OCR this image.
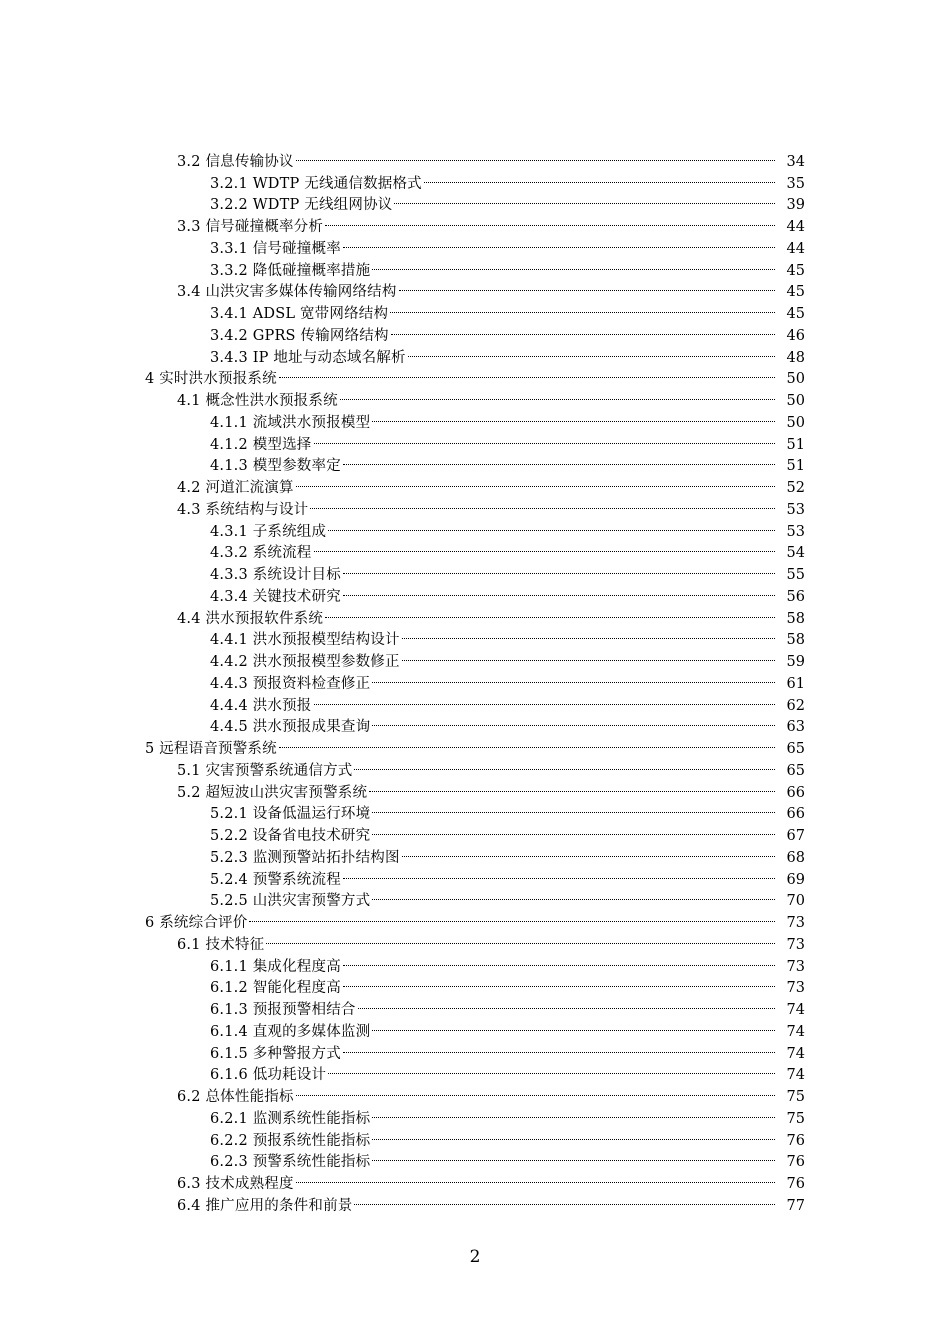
3.2 信息传输协议	34
3.2.1 WDTP 无线通信数据格式	35
3.2.2 WDTP 无线组网协议	39
3.3 信号碰撞概率分析	44
3.3.1 信号碰撞概率	44
3.3.2 降低碰撞概率措施	45
3.4 山洪灾害多媒体传输网络结构	45
3.4.1 ADSL 宽带网络结构	45
3.4.2 GPRS 传输网络结构	46
3.4.3 IP 地址与动态域名解析	48
4 实时洪水预报系统	50
4.1 概念性洪水预报系统	50
4.1.1 流域洪水预报模型	50
4.1.2 模型选择	51
4.1.3 模型参数率定	51
4.2 河道汇流演算	52
4.3 系统结构与设计	53
4.3.1 子系统组成	53
4.3.2 系统流程	54
4.3.3 系统设计目标	55
4.3.4 关键技术研究	56
4.4 洪水预报软件系统	58
4.4.1 洪水预报模型结构设计	58
4.4.2 洪水预报模型参数修正	59
4.4.3 预报资料检查修正	61
4.4.4 洪水预报	62
4.4.5 洪水预报成果查询	63
5 远程语音预警系统	65
5.1 灾害预警系统通信方式	65
5.2 超短波山洪灾害预警系统	66
5.2.1 设备低温运行环境	66
5.2.2 设备省电技术研究	67
5.2.3 监测预警站拓扑结构图	68
5.2.4 预警系统流程	69
5.2.5 山洪灾害预警方式	70
6 系统综合评价	73
6.1 技术特征	73
6.1.1 集成化程度高	73
6.1.2 智能化程度高	73
6.1.3 预报预警相结合	74
6.1.4 直观的多媒体监测	74
6.1.5 多种警报方式	74
6.1.6 低功耗设计	74
6.2 总体性能指标	75
6.2.1 监测系统性能指标	75
6.2.2 预报系统性能指标	76
6.2.3 预警系统性能指标	76
6.3 技术成熟程度	76
6.4 推广应用的条件和前景	77
2
